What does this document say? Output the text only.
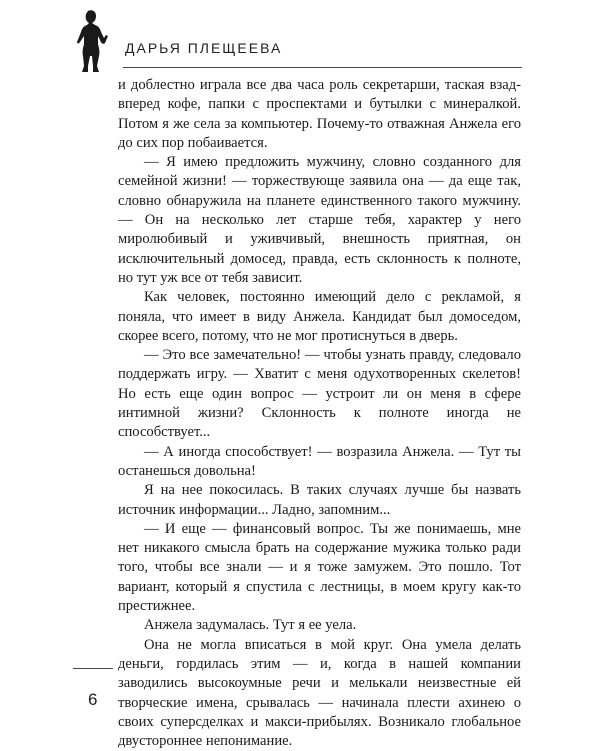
ДАРЬЯ ПЛЕЩЕЕВА

и доблестно играла все два часа роль секретарши, таская взад-вперед кофе, папки с проспектами и бутылки с минералкой. Потом я же села за компьютер. Почему-то отважная Анжела его до сих пор побаивается.

— Я имею предложить мужчину, словно созданного для семейной жизни! — торжествующе заявила она — да еще так, словно обнаружила на планете единственного такого мужчину. — Он на несколько лет старше тебя, характер у него миролюбивый и уживчивый, внешность приятная, он исключительный домосед, правда, есть склонность к полноте, но тут уж все от тебя зависит.

Как человек, постоянно имеющий дело с рекламой, я поняла, что имеет в виду Анжела. Кандидат был домоседом, скорее всего, потому, что не мог протиснуться в дверь.

— Это все замечательно! — чтобы узнать правду, следовало поддержать игру. — Хватит с меня одухотворенных скелетов! Но есть еще один вопрос — устроит ли он меня в сфере интимной жизни? Склонность к полноте иногда не способствует...

— А иногда способствует! — возразила Анжела. — Тут ты останешься довольна!

Я на нее покосилась. В таких случаях лучше бы назвать источник информации... Ладно, запомним...

— И еще — финансовый вопрос. Ты же понимаешь, мне нет никакого смысла брать на содержание мужика только ради того, чтобы все знали — и я тоже замужем. Это пошло. Тот вариант, который я спустила с лестницы, в моем кругу как-то престижнее.

Анжела задумалась. Тут я ее уела.

Она не могла вписаться в мой круг. Она умела делать деньги, гордилась этим — и, когда в нашей компании заводились высокоумные речи и мелькали неизвестные ей творческие имена, срывалась — начинала плести ахинею о своих суперсделках и макси-прибылях. Возникало глобальное двустороннее непонимание.

6
